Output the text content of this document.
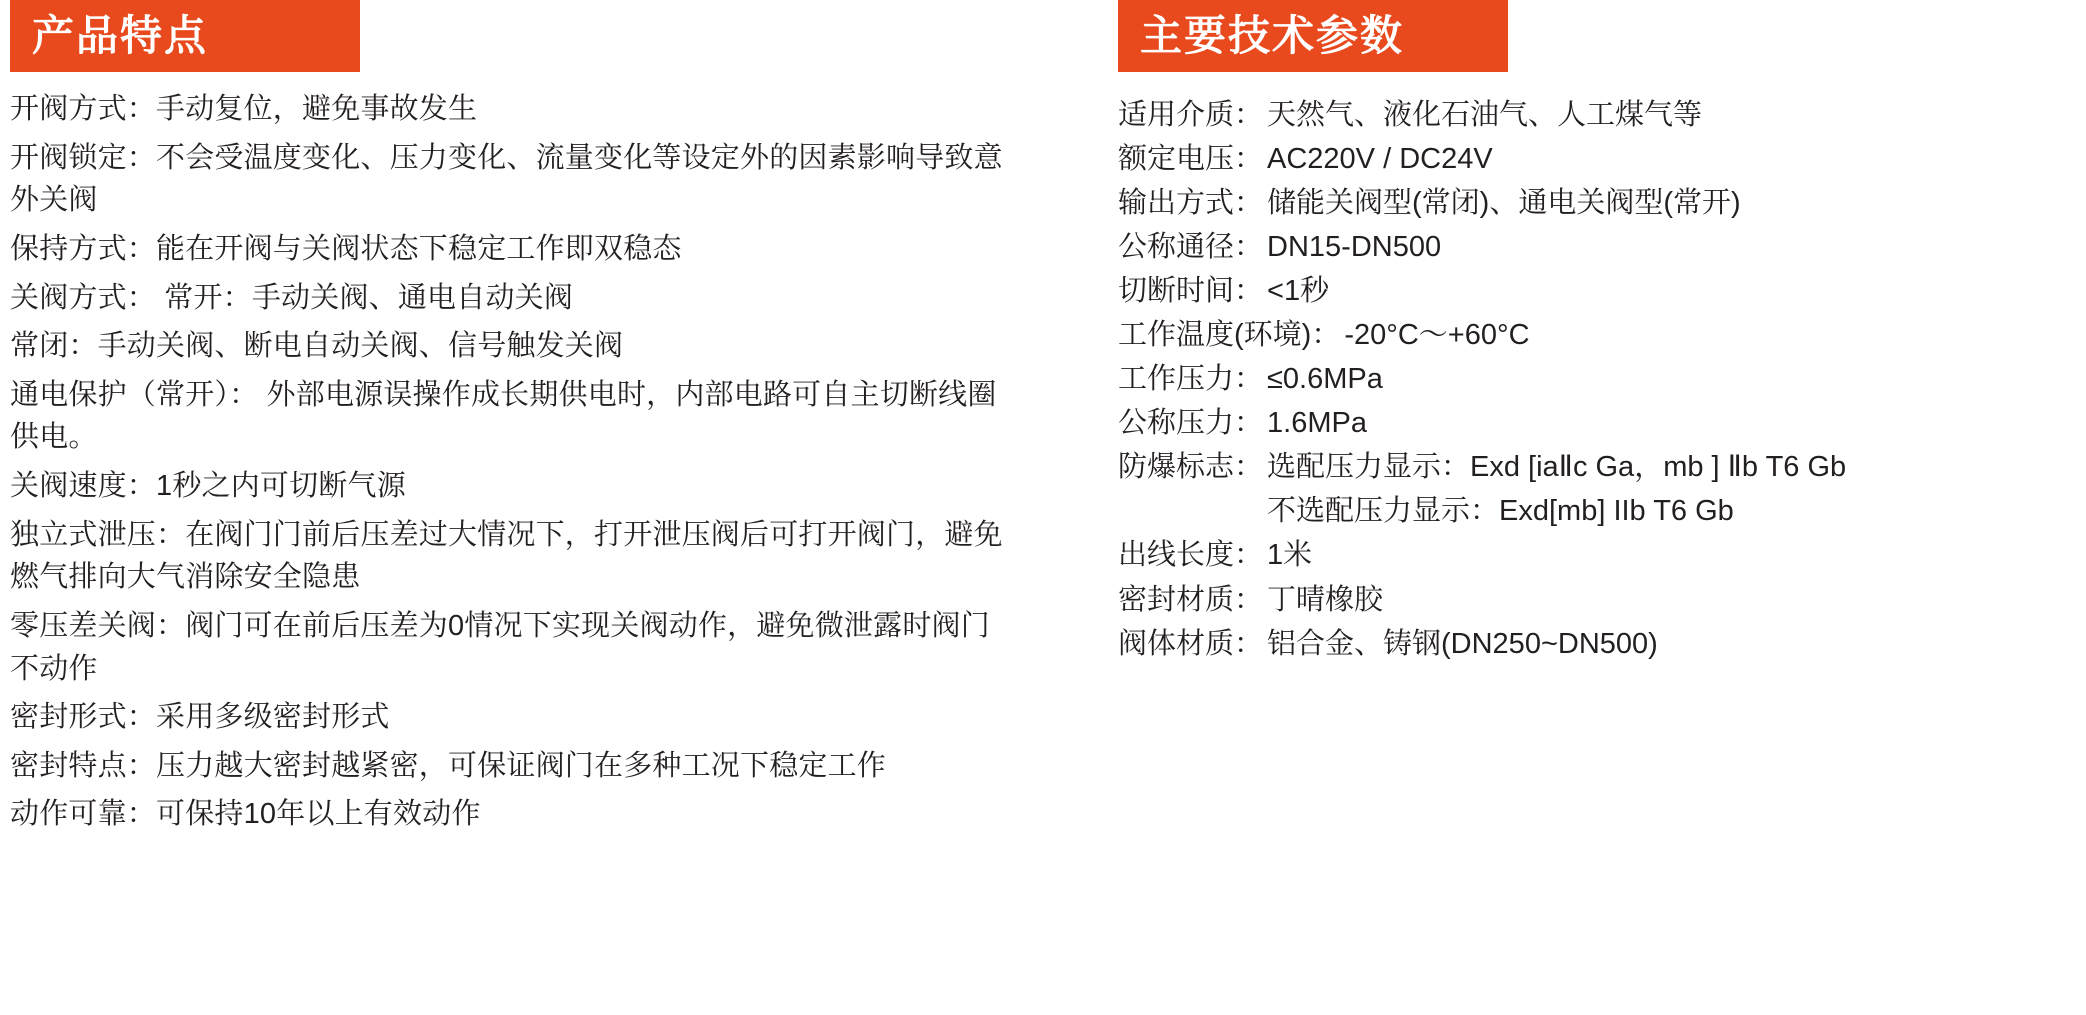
产品特点
开阀方式：手动复位，避免事故发生
开阀锁定：不会受温度变化、压力变化、流量变化等设定外的因素影响导致意外关阀
保持方式：能在开阀与关阀状态下稳定工作即双稳态
关阀方式： 常开：手动关阀、通电自动关阀
常闭：手动关阀、断电自动关阀、信号触发关阀
通电保护（常开）： 外部电源误操作成长期供电时，内部电路可自主切断线圈供电。
关阀速度：1秒之内可切断气源
独立式泄压：在阀门门前后压差过大情况下，打开泄压阀后可打开阀门，避免燃气排向大气消除安全隐患
零压差关阀：阀门可在前后压差为0情况下实现关阀动作，避免微泄露时阀门不动作
密封形式：采用多级密封形式
密封特点：压力越大密封越紧密，可保证阀门在多种工况下稳定工作
动作可靠：可保持10年以上有效动作
主要技术参数
适用介质： 天然气、液化石油气、人工煤气等
额定电压： AC220V / DC24V
输出方式： 储能关阀型(常闭)、通电关阀型(常开)
公称通径： DN15-DN500
切断时间： <1秒
工作温度(环境)： -20°C～+60°C
工作压力： ≤0.6MPa
公称压力： 1.6MPa
防爆标志： 选配压力显示：Exd [iaⅡc Ga，mb ] Ⅱb T6 Gb
不选配压力显示：Exd[mb] IIb T6 Gb
出线长度： 1米
密封材质： 丁晴橡胶
阀体材质： 铝合金、铸钢(DN250~DN500)
